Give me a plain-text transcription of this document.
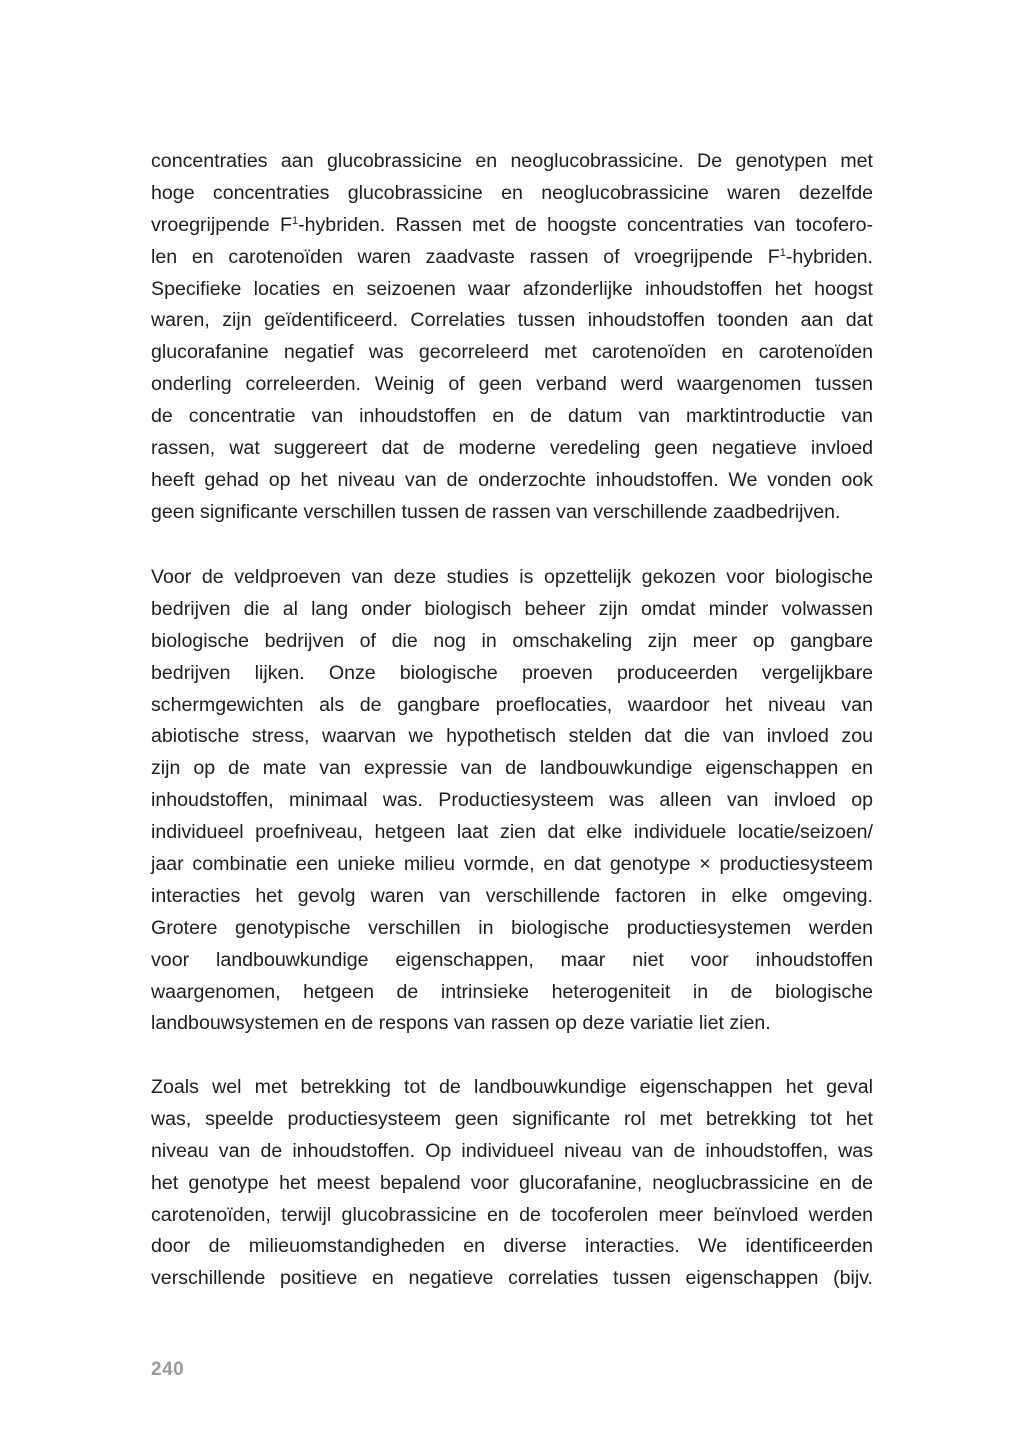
concentraties aan glucobrassicine en neoglucobrassicine. De genotypen met
hoge concentraties glucobrassicine en neoglucobrassicine waren dezelfde
vroegrijpende $F^1$-hybriden. Rassen met de hoogste concentraties van tocofero-
len en carotenoïden waren zaadvaste rassen of vroegrijpende $F^1$-hybriden.
Specifieke locaties en seizoenen waar afzonderlijke inhoudstoffen het hoogst
waren, zijn geïdentificeerd. Correlaties tussen inhoudstoffen toonden aan dat
glucorafanine negatief was gecorreleerd met carotenoïden en carotenoïden
onderling correleerden. Weinig of geen verband werd waargenomen tussen
de concentratie van inhoudstoffen en de datum van marktintroductie van
rassen, wat suggereert dat de moderne veredeling geen negatieve invloed
heeft gehad op het niveau van de onderzochte inhoudstoffen. We vonden ook
geen significante verschillen tussen de rassen van verschillende zaadbedrijven.

Voor de veldproeven van deze studies is opzettelijk gekozen voor biologische
bedrijven die al lang onder biologisch beheer zijn omdat minder volwassen
biologische bedrijven of die nog in omschakeling zijn meer op gangbare
bedrijven lijken. Onze biologische proeven produceerden vergelijkbare
schermgewichten als de gangbare proeflocaties, waardoor het niveau van
abiotische stress, waarvan we hypothetisch stelden dat die van invloed zou
zijn op de mate van expressie van de landbouwkundige eigenschappen en
inhoudstoffen, minimaal was. Productiesysteem was alleen van invloed op
individueel proefniveau, hetgeen laat zien dat elke individuele locatie/seizoen/
jaar combinatie een unieke milieu vormde, en dat genotype × productiesysteem
interacties het gevolg waren van verschillende factoren in elke omgeving.
Grotere genotypische verschillen in biologische productiesystemen werden
voor landbouwkundige eigenschappen, maar niet voor inhoudstoffen
waargenomen, hetgeen de intrinsieke heterogeniteit in de biologische
landbouwsystemen en de respons van rassen op deze variatie liet zien.

Zoals wel met betrekking tot de landbouwkundige eigenschappen het geval
was, speelde productiesysteem geen significante rol met betrekking tot het
niveau van de inhoudstoffen. Op individueel niveau van de inhoudstoffen, was
het genotype het meest bepalend voor glucorafanine, neoglucbrassicine en de
carotenoïden, terwijl glucobrassicine en de tocoferolen meer beïnvloed werden
door de milieuomstandigheden en diverse interacties. We identificeerden
verschillende positieve en negatieve correlaties tussen eigenschappen (bijv.

240
